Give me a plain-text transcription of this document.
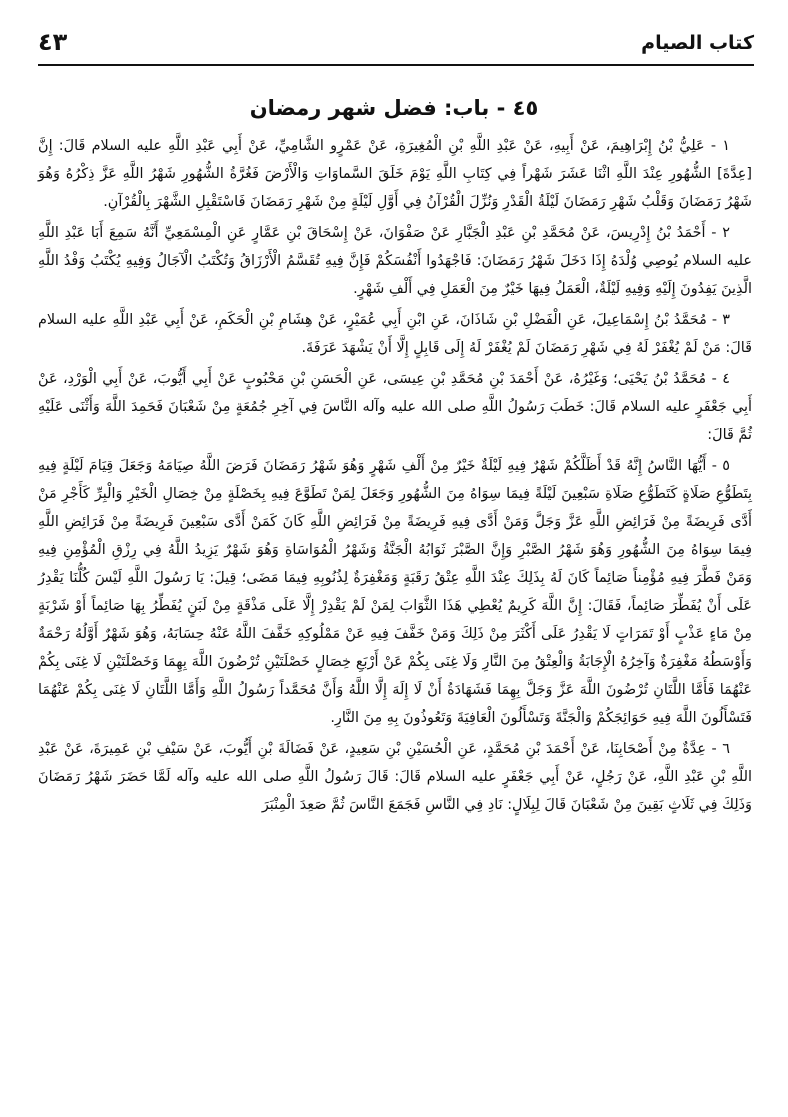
كتاب الصيام
٤٣
٤٥ - باب: فضل شهر رمضان

١ - عَلِيُّ بْنُ إِبْرَاهِيمَ، عَنْ أَبِيهِ، عَنْ عَبْدِ اللَّهِ بْنِ الْمُغِيرَةِ، عَنْ عَمْرٍو الشَّامِيِّ، عَنْ أَبِي عَبْدِ اللَّهِ عليه السلام قَالَ: إِنَّ [عِدَّةَ] الشُّهُورِ عِنْدَ اللَّهِ اثْنَا عَشَرَ شَهْراً فِي كِتَابِ اللَّهِ يَوْمَ خَلَقَ السَّماوَاتِ وَالْأَرْضَ فَغُرَّةُ الشُّهُورِ شَهْرُ اللَّهِ عَزَّ ذِكْرُهُ وَهُوَ شَهْرُ رَمَضَانَ وَقَلْبُ شَهْرِ رَمَضَانَ لَيْلَةُ الْقَدْرِ وَنُزِّلَ الْقُرْآنُ فِي أَوَّلِ لَيْلَةٍ مِنْ شَهْرِ رَمَضَانَ فَاسْتَقْبِلِ الشَّهْرَ بِالْقُرْآنِ.

٢ - أَحْمَدُ بْنُ إِدْرِيسَ، عَنْ مُحَمَّدِ بْنِ عَبْدِ الْجَبَّارِ عَنْ صَفْوَانَ، عَنْ إِسْحَاقَ بْنِ عَمَّارٍ عَنِ الْمِسْمَعِيِّ أَنَّهُ سَمِعَ أَبَا عَبْدِ اللَّهِ عليه السلام يُوصِي وُلْدَهُ إِذَا دَخَلَ شَهْرُ رَمَضَانَ: فَاجْهَدُوا أَنْفُسَكُمْ فَإِنَّ فِيهِ تُقَسَّمُ الْأَرْزَاقُ وَتُكْتَبُ الْآجَالُ وَفِيهِ يُكْتَبُ وَفْدُ اللَّهِ الَّذِينَ يَفِدُونَ إِلَيْهِ وَفِيهِ لَيْلَةٌ، الْعَمَلُ فِيهَا خَيْرٌ مِنَ الْعَمَلِ فِي أَلْفِ شَهْرٍ.

٣ - مُحَمَّدُ بْنُ إِسْمَاعِيلَ، عَنِ الْفَضْلِ بْنِ شَاذَانَ، عَنِ ابْنِ أَبِي عُمَيْرٍ، عَنْ هِشَامِ بْنِ الْحَكَمِ، عَنْ أَبِي عَبْدِ اللَّهِ عليه السلام قَالَ: مَنْ لَمْ يُغْفَرْ لَهُ فِي شَهْرِ رَمَضَانَ لَمْ يُغْفَرْ لَهُ إِلَى قَابِلٍ إِلَّا أَنْ يَشْهَدَ عَرَفَةَ.

٤ - مُحَمَّدُ بْنُ يَحْيَى؛ وَغَيْرُهُ، عَنْ أَحْمَدَ بْنِ مُحَمَّدِ بْنِ عِيسَى، عَنِ الْحَسَنِ بْنِ مَحْبُوبٍ عَنْ أَبِي أَيُّوبَ، عَنْ أَبِي الْوَرْدِ، عَنْ أَبِي جَعْفَرٍ عليه السلام قَالَ: خَطَبَ رَسُولُ اللَّهِ صلى الله عليه وآله النَّاسَ فِي آخِرِ جُمُعَةٍ مِنْ شَعْبَانَ فَحَمِدَ اللَّهَ وَأَثْنَى عَلَيْهِ ثُمَّ قَالَ:

٥ - أَيُّهَا النَّاسُ إِنَّهُ قَدْ أَظَلَّكُمْ شَهْرٌ فِيهِ لَيْلَةٌ خَيْرٌ مِنْ أَلْفِ شَهْرٍ وَهُوَ شَهْرُ رَمَضَانَ فَرَضَ اللَّهُ صِيَامَهُ وَجَعَلَ قِيَامَ لَيْلَةٍ فِيهِ بِتَطَوُّعِ صَلَاةٍ كَتَطَوُّعِ صَلَاةِ سَبْعِينَ لَيْلَةً فِيمَا سِوَاهُ مِنَ الشُّهُورِ وَجَعَلَ لِمَنْ تَطَوَّعَ فِيهِ بِخَصْلَةٍ مِنْ خِصَالِ الْخَيْرِ وَالْبِرِّ كَأَجْرِ مَنْ أَدَّى فَرِيضَةً مِنْ فَرَائِضِ اللَّهِ عَزَّ وَجَلَّ وَمَنْ أَدَّى فِيهِ فَرِيضَةً مِنْ فَرَائِضِ اللَّهِ كَانَ كَمَنْ أَدَّى سَبْعِينَ فَرِيضَةً مِنْ فَرَائِضِ اللَّهِ فِيمَا سِوَاهُ مِنَ الشُّهُورِ وَهُوَ شَهْرُ الصَّبْرِ وَإِنَّ الصَّبْرَ ثَوَابُهُ الْجَنَّةُ وَشَهْرُ الْمُوَاسَاةِ وَهُوَ شَهْرٌ يَزِيدُ اللَّهُ فِي رِزْقِ الْمُؤْمِنِ فِيهِ وَمَنْ فَطَّرَ فِيهِ مُؤْمِناً صَائِماً كَانَ لَهُ بِذَلِكَ عِنْدَ اللَّهِ عِتْقُ رَقَبَةٍ وَمَغْفِرَةٌ لِذُنُوبِهِ فِيمَا مَضَى؛ قِيلَ: يَا رَسُولَ اللَّهِ لَيْسَ كُلُّنَا يَقْدِرُ عَلَى أَنْ يُفَطِّرَ صَائِماً، فَقَالَ: إِنَّ اللَّهَ كَرِيمٌ يُعْطِي هَذَا الثَّوَابَ لِمَنْ لَمْ يَقْدِرْ إِلَّا عَلَى مَذْقَةٍ مِنْ لَبَنٍ يُفَطِّرُ بِهَا صَائِماً أَوْ شَرْبَةٍ مِنْ مَاءٍ عَذْبٍ أَوْ تَمَرَاتٍ لَا يَقْدِرُ عَلَى أَكْثَرَ مِنْ ذَلِكَ وَمَنْ خَفَّفَ فِيهِ عَنْ مَمْلُوكِهِ خَفَّفَ اللَّهُ عَنْهُ حِسَابَهُ، وَهُوَ شَهْرٌ أَوَّلُهُ رَحْمَةٌ وَأَوْسَطُهُ مَغْفِرَةٌ وَآخِرُهُ الْإِجَابَةُ وَالْعِتْقُ مِنَ النَّارِ وَلَا غِنَى بِكُمْ عَنْ أَرْبَعِ خِصَالٍ خَصْلَتَيْنِ تُرْضُونَ اللَّهَ بِهِمَا وَخَصْلَتَيْنِ لَا غِنَى بِكُمْ عَنْهُمَا فَأَمَّا اللَّتَانِ تُرْضُونَ اللَّهَ عَزَّ وَجَلَّ بِهِمَا فَشَهَادَةُ أَنْ لَا إِلَهَ إِلَّا اللَّهُ وَأَنَّ مُحَمَّداً رَسُولُ اللَّهِ وَأَمَّا اللَّتَانِ لَا غِنَى بِكُمْ عَنْهُمَا فَتَسْأَلُونَ اللَّهَ فِيهِ حَوَائِجَكُمْ وَالْجَنَّةَ وَتَسْأَلُونَ الْعَافِيَةَ وَتَعُوذُونَ بِهِ مِنَ النَّارِ.

٦ - عِدَّةٌ مِنْ أَصْحَابِنَا، عَنْ أَحْمَدَ بْنِ مُحَمَّدٍ، عَنِ الْحُسَيْنِ بْنِ سَعِيدٍ، عَنْ فَضَالَةَ بْنِ أَيُّوبَ، عَنْ سَيْفِ بْنِ عَمِيرَةَ، عَنْ عَبْدِ اللَّهِ بْنِ عَبْدِ اللَّهِ، عَنْ رَجُلٍ، عَنْ أَبِي جَعْفَرٍ عليه السلام قَالَ: قَالَ رَسُولُ اللَّهِ صلى الله عليه وآله لَمَّا حَضَرَ شَهْرُ رَمَضَانَ وَذَلِكَ فِي ثَلَاثٍ بَقِينَ مِنْ شَعْبَانَ قَالَ لِبِلَالٍ: نَادِ فِي النَّاسِ فَجَمَعَ النَّاسَ ثُمَّ صَعِدَ الْمِنْبَرَ
